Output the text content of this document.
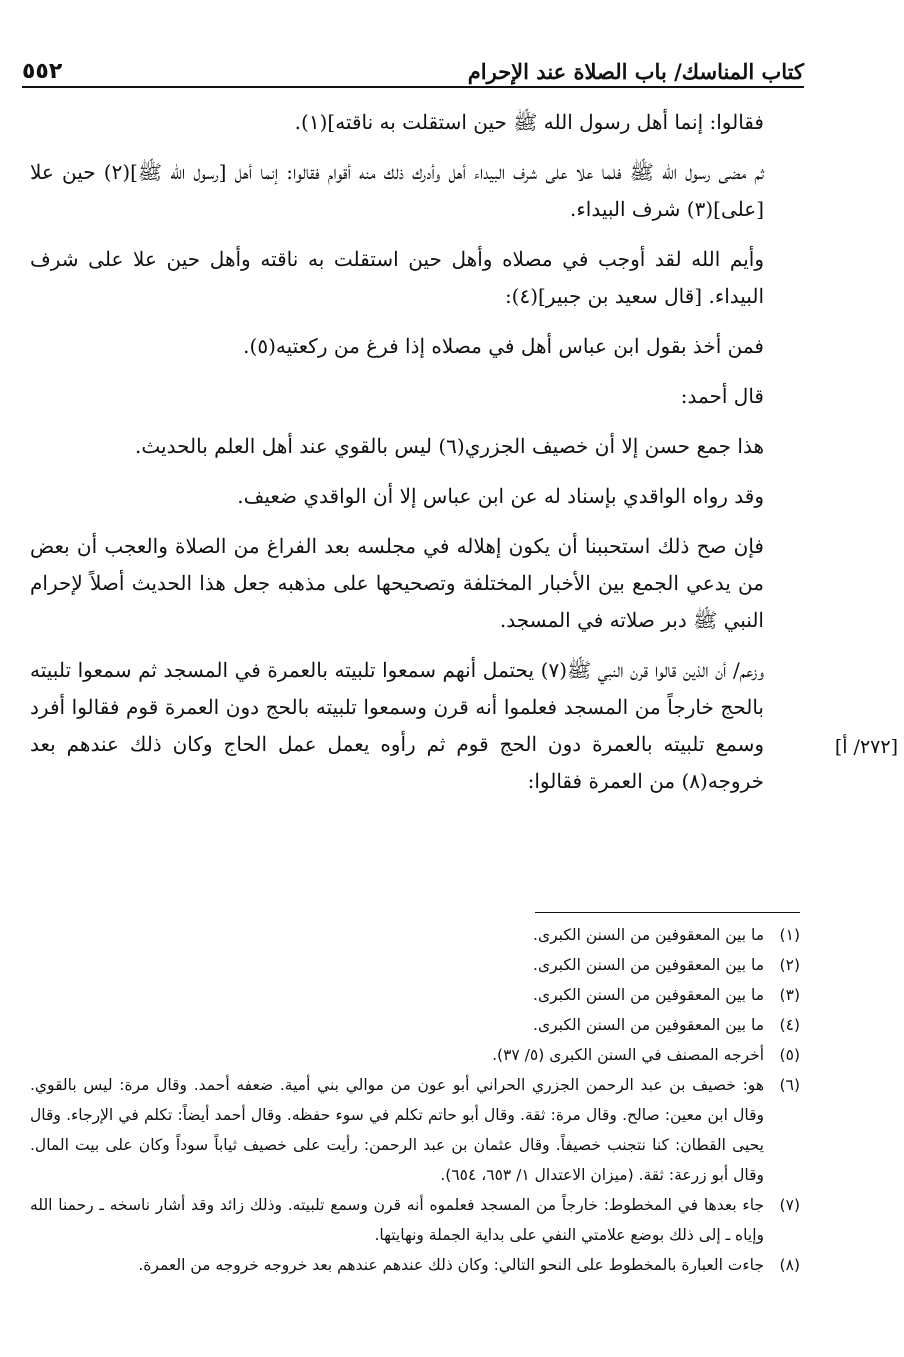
كتاب المناسك/ باب الصلاة عند الإحرام
٥٥٢

فقالوا: إنما أهل رسول الله ﷺ حين استقلت به ناقته](١).

ثم مضى رسول الله ﷺ فلما علا على شرف البيداء أهل وأدرك ذلك منه أقوام فقالوا: إنما أهل [رسول الله ﷺ](٢) حين علا [على](٣) شرف البيداء.

وأيم الله لقد أوجب في مصلاه وأهل حين استقلت به ناقته وأهل حين علا على شرف البيداء. [قال سعيد بن جبير](٤):

فمن أخذ بقول ابن عباس أهل في مصلاه إذا فرغ من ركعتيه(٥).

قال أحمد:

هذا جمع حسن إلا أن خصيف الجزري(٦) ليس بالقوي عند أهل العلم بالحديث.

وقد رواه الواقدي بإسناد له عن ابن عباس إلا أن الواقدي ضعيف.

فإن صح ذلك استحببنا أن يكون إهلاله في مجلسه بعد الفراغ من الصلاة والعجب أن بعض من يدعي الجمع بين الأخبار المختلفة وتصحيحها على مذهبه جعل هذا الحديث أصلاً لإحرام النبي ﷺ دبر صلاته في المسجد.

وزعم/ أن الذين قالوا قرن النبي ﷺ(٧) يحتمل أنهم سمعوا تلبيته بالعمرة في المسجد ثم سمعوا تلبيته بالحج خارجاً من المسجد فعلموا أنه قرن وسمعوا تلبيته بالحج دون العمرة قوم فقالوا أفرد وسمع تلبيته بالعمرة دون الحج قوم ثم رأوه يعمل عمل الحاج وكان ذلك عندهم بعد خروجه(٨) من العمرة فقالوا:

[٢٧٢/ أ]
(١)
ما بين المعقوفين من السنن الكبرى.
(٢)
ما بين المعقوفين من السنن الكبرى.
(٣)
ما بين المعقوفين من السنن الكبرى.
(٤)
ما بين المعقوفين من السنن الكبرى.
(٥)
أخرجه المصنف في السنن الكبرى (٥/ ٣٧).
(٦)
هو: خصيف بن عبد الرحمن الجزري الحراني أبو عون من موالي بني أمية. ضعفه أحمد. وقال مرة: ليس بالقوي. وقال ابن معين: صالح. وقال مرة: ثقة. وقال أبو حاتم تكلم في سوء حفظه. وقال أحمد أيضاً: تكلم في الإرجاء. وقال يحيى القطان: كنا نتجنب خصيفاً. وقال عثمان بن عبد الرحمن: رأيت على خصيف ثياباً سوداً وكان على بيت المال. وقال أبو زرعة: ثقة. (ميزان الاعتدال ١/ ٦٥٣، ٦٥٤).
(٧)
جاء بعدها في المخطوط: خارجاً من المسجد فعلموه أنه قرن وسمع تلبيته. وذلك زائد وقد أشار ناسخه ـ رحمنا الله وإياه ـ إلى ذلك بوضع علامتي النفي على بداية الجملة ونهايتها.
(٨)
جاءت العبارة بالمخطوط على النحو التالي: وكان ذلك عندهم عندهم بعد خروجه خروجه من العمرة.
